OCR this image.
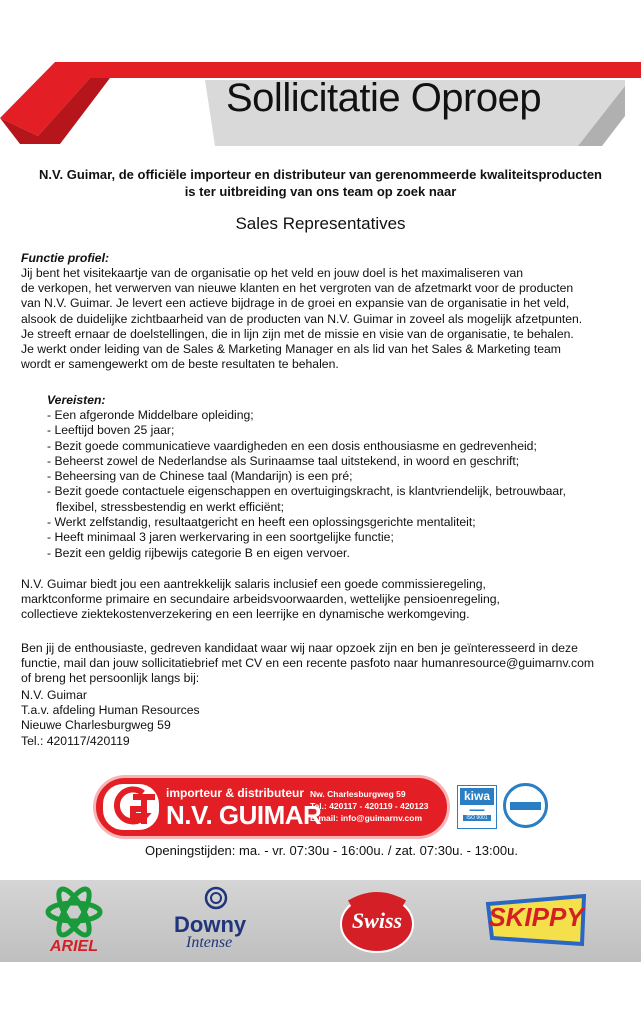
Sollicitatie Oproep
N.V. Guimar, de officiële importeur en distributeur van gerenommeerde kwaliteitsproducten
is ter uitbreiding van ons team op zoek naar
Sales Representatives
Functie profiel:

Jij bent het visitekaartje van de organisatie op het veld en jouw doel is het maximaliseren van

de verkopen, het verwerven van nieuwe klanten en het vergroten van de afzetmarkt voor de producten

van N.V. Guimar. Je levert een actieve bijdrage in de groei en expansie van de organisatie in het veld,

alsook de duidelijke zichtbaarheid van de producten van N.V. Guimar in zoveel als mogelijk afzetpunten.

Je streeft ernaar de doelstellingen, die in lijn zijn met de missie en visie van de organisatie, te behalen.

Je werkt onder leiding van de Sales & Marketing Manager en als lid van het Sales & Marketing team

wordt er samengewerkt om de beste resultaten te behalen.

Vereisten:
- Een afgeronde Middelbare opleiding;
- Leeftijd boven 25 jaar;
- Bezit goede communicatieve vaardigheden en een dosis enthousiasme en gedrevenheid;
- Beheerst zowel de Nederlandse als Surinaamse taal uitstekend, in woord en geschrift;
- Beheersing van de Chinese taal (Mandarijn) is een pré;
- Bezit goede contactuele eigenschappen en overtuigingskracht, is klantvriendelijk, betrouwbaar,
flexibel, stressbestendig en werkt efficiënt;
- Werkt zelfstandig, resultaatgericht en heeft een oplossingsgerichte mentaliteit;
- Heeft minimaal 3 jaren werkervaring in een soortgelijke functie;
- Bezit een geldig rijbewijs categorie B en eigen vervoer.

N.V. Guimar biedt jou een aantrekkelijk salaris inclusief een goede commissieregeling,

marktconforme primaire en secundaire arbeidsvoorwaarden, wettelijke pensioenregeling,

collectieve ziektekostenverzekering en een leerrijke en dynamische werkomgeving.

Ben jij de enthousiaste, gedreven kandidaat waar wij naar opzoek zijn en ben je geïnteresseerd in deze

functie, mail dan jouw sollicitatiebrief met CV en een recente pasfoto naar humanresource@guimarnv.com

of breng het persoonlijk langs bij:

N.V. Guimar

T.a.v. afdeling Human Resources

Nieuwe Charlesburgweg 59

Tel.: 420117/420119

importeur & distributeur
N.V. GUIMAR
Nw. Charlesburgweg 59
Tel.: 420117 - 420119 - 420123
E-mail: info@guimarnv.com
kiwa
▬▬▬
ISO 9001
Openingstijden: ma. - vr. 07:30u - 16:00u. / zat. 07:30u. - 13:00u.
ARIEL
Downy
Intense
Swiss	SKIPPY
